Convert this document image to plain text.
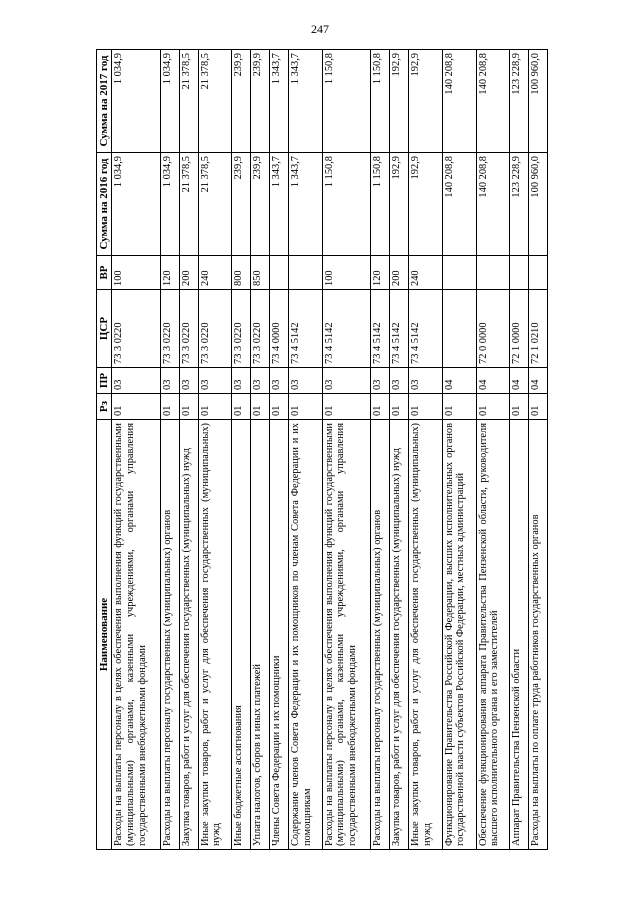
247
Наименование	Рз	ПР	ЦСР	ВР	Сумма на 2016 год	Сумма на 2017 год
Расходы на выплаты персоналу в целях обеспечения выполнения функций государственными (муниципальными) органами, казенными учреждениями, органами управления государственными внебюджетными фондами	01	03	73 3 0220	100	1 034,9	1 034,9
Расходы на выплаты персоналу государственных (муниципальных) органов	01	03	73 3 0220	120	1 034,9	1 034,9
Закупка товаров, работ и услуг для обеспечения государственных (муниципальных) нужд	01	03	73 3 0220	200	21 378,5	21 378,5
Иные закупки товаров, работ и услуг для обеспечения государственных (муниципальных) нужд	01	03	73 3 0220	240	21 378,5	21 378,5
Иные бюджетные ассигнования	01	03	73 3 0220	800	239,9	239,9
Уплата налогов, сборов и иных платежей	01	03	73 3 0220	850	239,9	239,9
Члены Совета Федерации и их помощники	01	03	73 4 0000		1 343,7	1 343,7
Содержание членов Совета Федерации и их помощников по членам Совета Федерации и их помощникам	01	03	73 4 5142		1 343,7	1 343,7
Расходы на выплаты персоналу в целях обеспечения выполнения функций государственными (муниципальными) органами, казенными учреждениями, органами управления государственными внебюджетными фондами	01	03	73 4 5142	100	1 150,8	1 150,8
Расходы на выплаты персоналу государственных (муниципальных) органов	01	03	73 4 5142	120	1 150,8	1 150,8
Закупка товаров, работ и услуг для обеспечения государственных (муниципальных) нужд	01	03	73 4 5142	200	192,9	192,9
Иные закупки товаров, работ и услуг для обеспечения государственных (муниципальных) нужд	01	03	73 4 5142	240	192,9	192,9
Функционирование Правительства Российской Федерации, высших исполнительных органов государственной власти субъектов Российской Федерации, местных администраций	01	04			140 208,8	140 208,8
Обеспечение функционирования аппарата Правительства Пензенской области, руководителя высшего исполнительного органа и его заместителей	01	04	72 0 0000		140 208,8	140 208,8
Аппарат Правительства Пензенской области	01	04	72 1 0000		123 228,9	123 228,9
Расходы на выплаты по оплате труда работников государственных органов	01	04	72 1 0210		100 960,0	100 960,0
